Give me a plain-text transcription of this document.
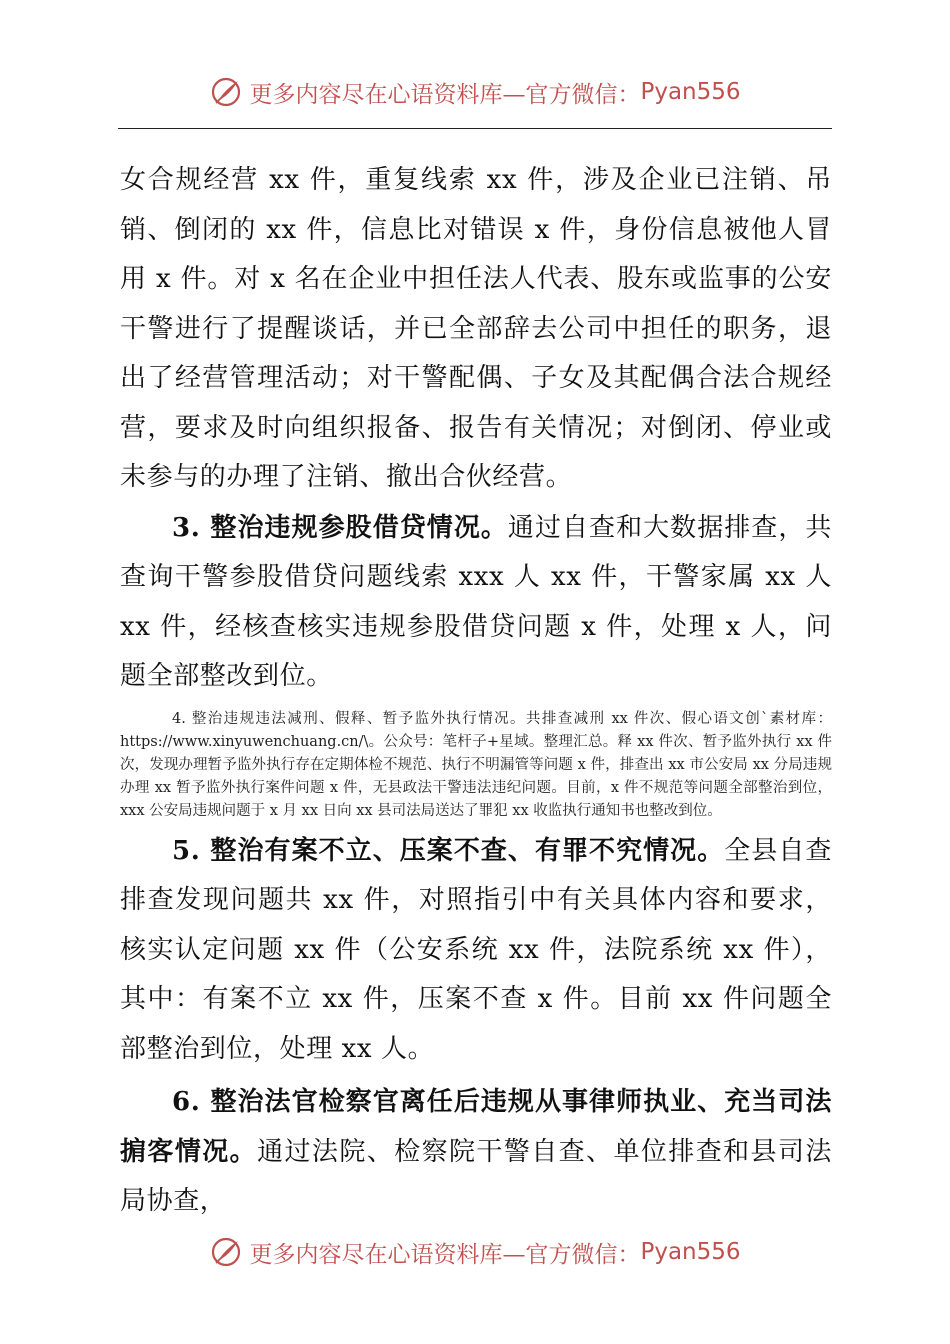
更多内容尽在心语资料库 —官方微信： Pyan556

女合规经营 xx 件，重复线索 xx 件，涉及企业已注销、吊销、倒闭的 xx 件，信息比对错误 x 件，身份信息被他人冒用 x 件。对 x 名在企业中担任法人代表、股东或监事的公安干警进行了提醒谈话，并已全部辞去公司中担任的职务，退出了经营管理活动；对干警配偶、子女及其配偶合法合规经营，要求及时向组织报备、报告有关情况；对倒闭、停业或未参与的办理了注销、撤出合伙经营。

3. 整治违规参股借贷情况。通过自查和大数据排查，共查询干警参股借贷问题线索 xxx 人 xx 件，干警家属 xx 人 xx 件，经核查核实违规参股借贷问题 x 件，处理 x 人，问题全部整改到位。

4. 整治违规违法减刑、假释、暂予监外执行情况。共排查减刑 xx 件次、假心语文创`素材库：https://www.xinyuwenchuang.cn/\。公众号：笔杆子+星域。整理汇总。释 xx 件次、暂予监外执行 xx 件次，发现办理暂予监外执行存在定期体检不规范、执行不明漏管等问题 x 件，排查出 xx 市公安局 xx 分局违规办理 xx 暂予监外执行案件问题 x 件，无县政法干警违法违纪问题。目前，x 件不规范等问题全部整治到位，xxx 公安局违规问题于 x 月 xx 日向 xx 县司法局送达了罪犯 xx 收监执行通知书也整改到位。

5. 整治有案不立、压案不查、有罪不究情况。全县自查排查发现问题共 xx 件，对照指引中有关具体内容和要求，核实认定问题 xx 件（公安系统 xx 件，法院系统 xx 件），其中：有案不立 xx 件，压案不查 x 件。目前 xx 件问题全部整治到位，处理 xx 人。

6. 整治法官检察官离任后违规从事律师执业、充当司法掮客情况。通过法院、检察院干警自查、单位排查和县司法局协查，

更多内容尽在心语资料库 —官方微信： Pyan556
